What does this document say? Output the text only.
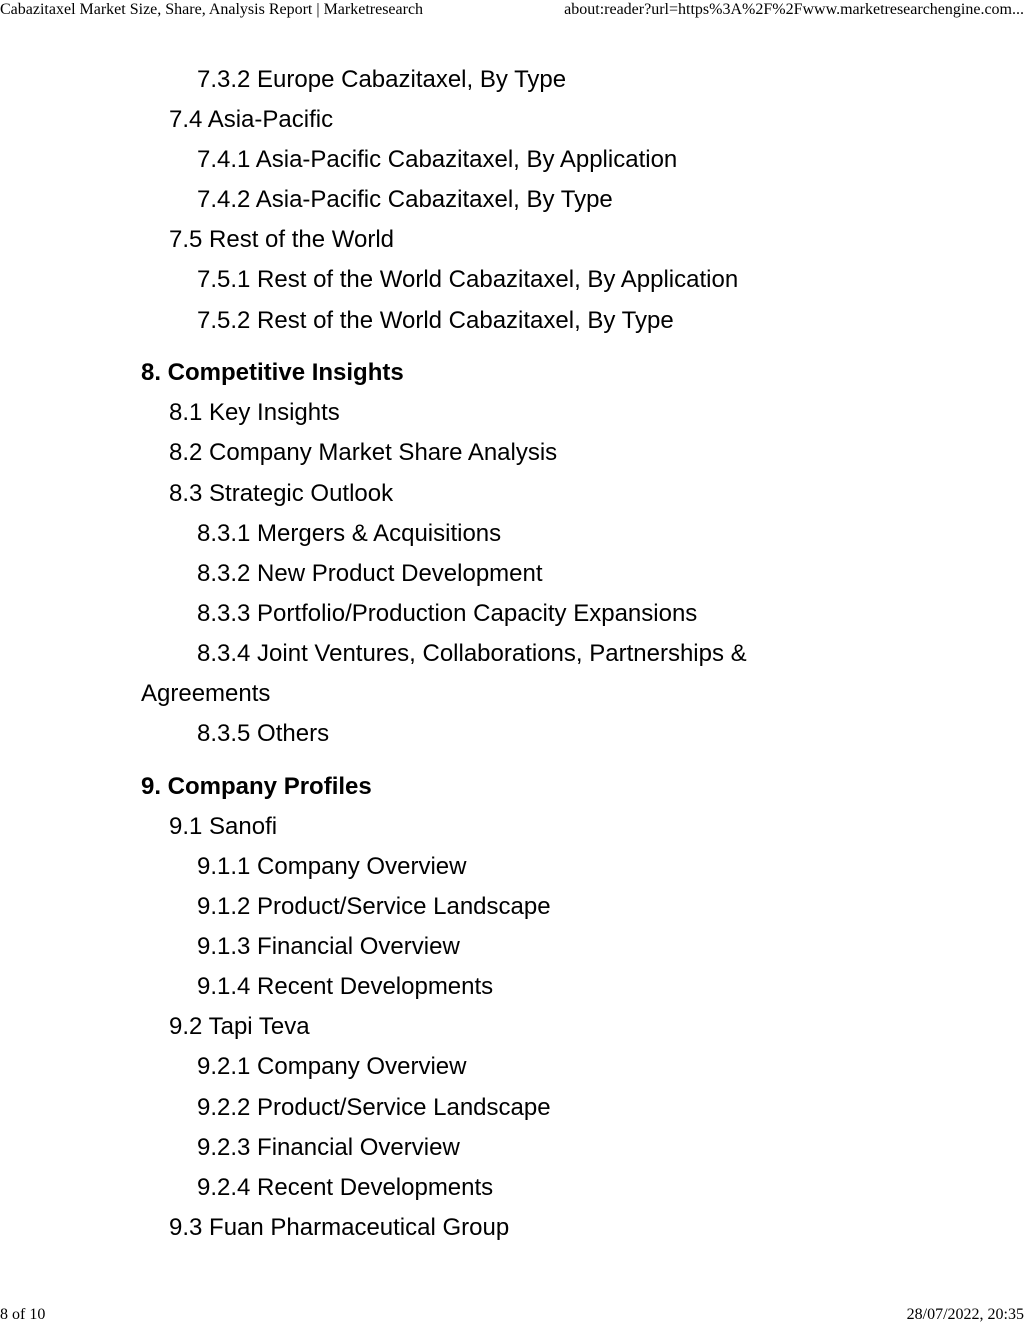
Cabazitaxel Market Size, Share, Analysis Report | Marketresearch	about:reader?url=https%3A%2F%2Fwww.marketresearchengine.com...
7.3.2 Europe Cabazitaxel, By Type
7.4 Asia-Pacific
7.4.1 Asia-Pacific Cabazitaxel, By Application
7.4.2 Asia-Pacific Cabazitaxel, By Type
7.5 Rest of the World
7.5.1 Rest of the World Cabazitaxel, By Application
7.5.2 Rest of the World Cabazitaxel, By Type
8. Competitive Insights
8.1 Key Insights
8.2 Company Market Share Analysis
8.3 Strategic Outlook
8.3.1 Mergers & Acquisitions
8.3.2 New Product Development
8.3.3 Portfolio/Production Capacity Expansions
8.3.4 Joint Ventures, Collaborations, Partnerships &
Agreements
8.3.5 Others
9. Company Profiles
9.1 Sanofi
9.1.1 Company Overview
9.1.2 Product/Service Landscape
9.1.3 Financial Overview
9.1.4 Recent Developments
9.2 Tapi Teva
9.2.1 Company Overview
9.2.2 Product/Service Landscape
9.2.3 Financial Overview
9.2.4 Recent Developments
9.3 Fuan Pharmaceutical Group
8 of 10	28/07/2022, 20:35
